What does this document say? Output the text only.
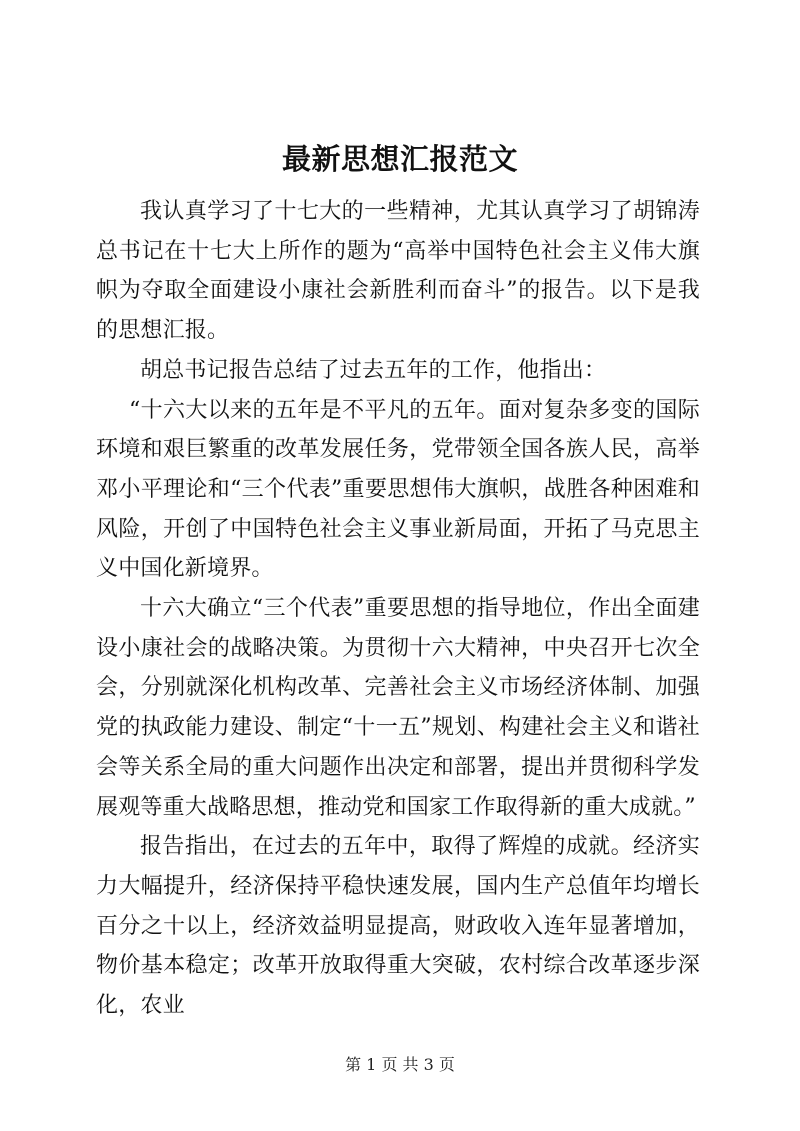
最新思想汇报范文

我认真学习了十七大的一些精神，尤其认真学习了胡锦涛总书记在十七大上所作的题为“高举中国特色社会主义伟大旗帜为夺取全面建设小康社会新胜利而奋斗”的报告。以下是我的思想汇报。

胡总书记报告总结了过去五年的工作，他指出：

“十六大以来的五年是不平凡的五年。面对复杂多变的国际环境和艰巨繁重的改革发展任务，党带领全国各族人民，高举邓小平理论和“三个代表”重要思想伟大旗帜，战胜各种困难和风险，开创了中国特色社会主义事业新局面，开拓了马克思主义中国化新境界。

十六大确立“三个代表”重要思想的指导地位，作出全面建设小康社会的战略决策。为贯彻十六大精神，中央召开七次全会，分别就深化机构改革、完善社会主义市场经济体制、加强党的执政能力建设、制定“十一五”规划、构建社会主义和谐社会等关系全局的重大问题作出决定和部署，提出并贯彻科学发展观等重大战略思想，推动党和国家工作取得新的重大成就。”

报告指出，在过去的五年中，取得了辉煌的成就。经济实力大幅提升，经济保持平稳快速发展，国内生产总值年均增长百分之十以上，经济效益明显提高，财政收入连年显著增加，物价基本稳定；改革开放取得重大突破，农村综合改革逐步深化，农业

第 1 页 共 3 页
